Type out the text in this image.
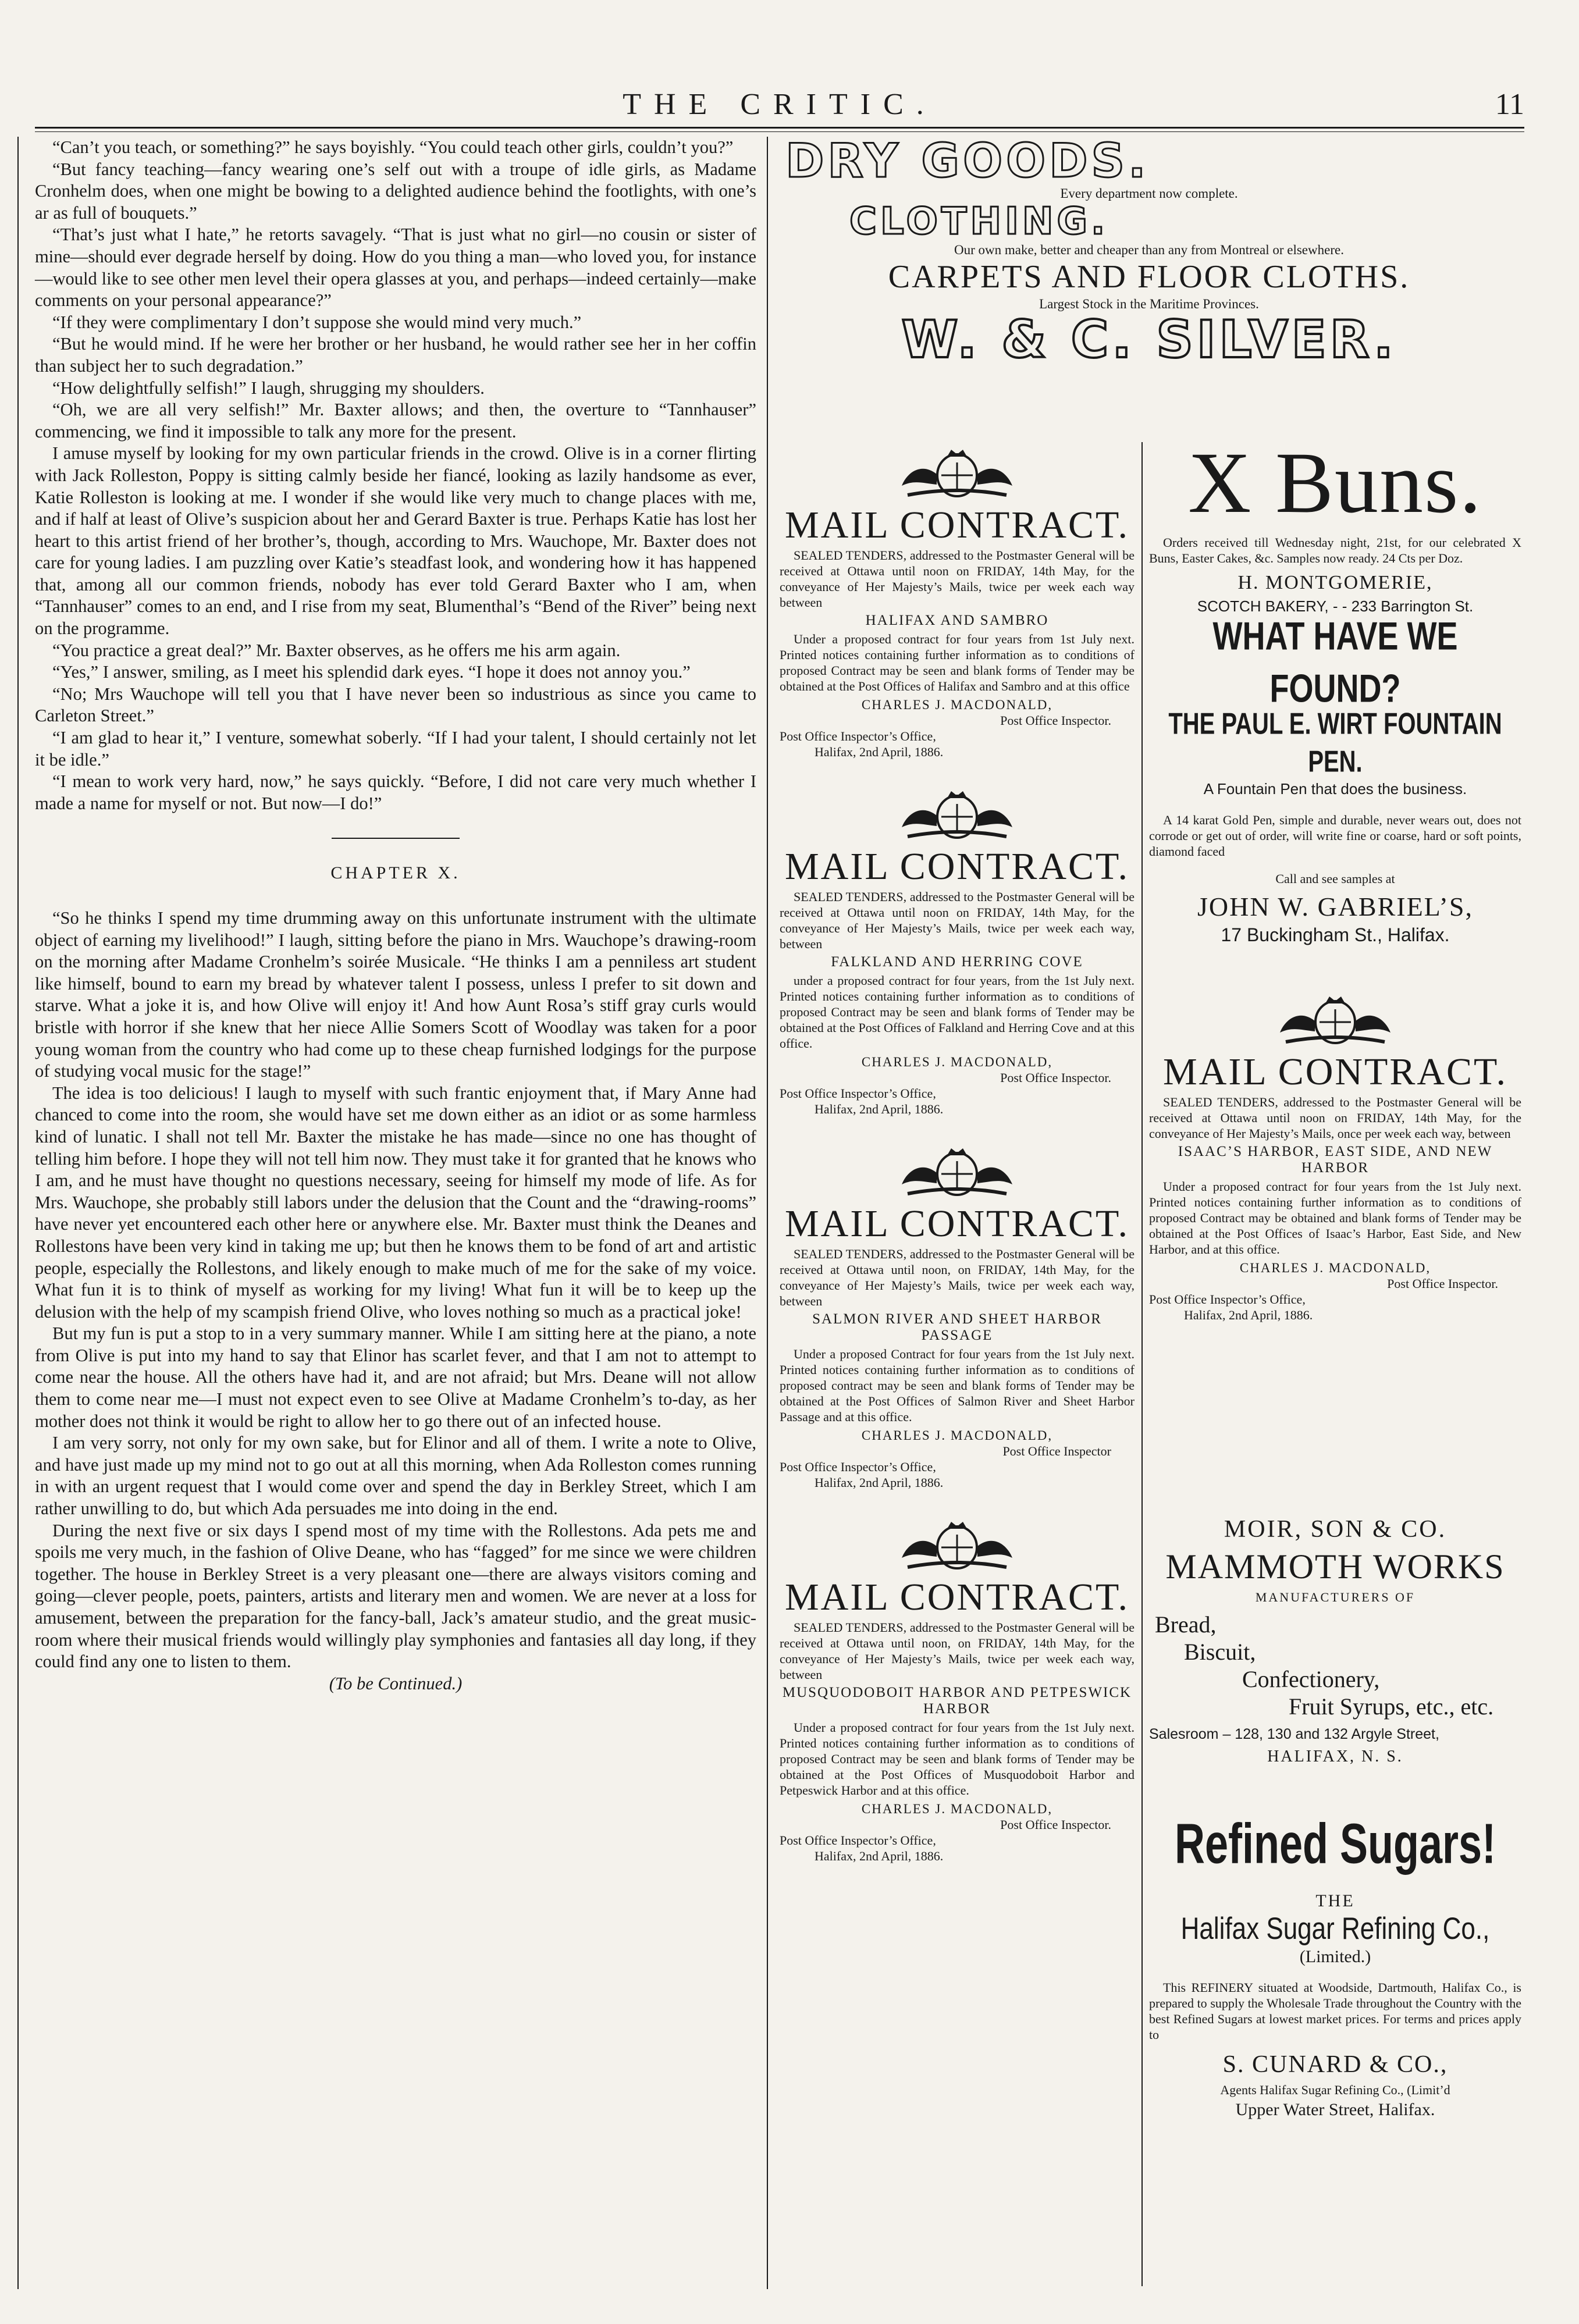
THE CRITIC.	11

“Can’t you teach, or something?” he says boyishly. “You could teach other girls, couldn’t you?”

“But fancy teaching—fancy wearing one’s self out with a troupe of idle girls, as Madame Cronhelm does, when one might be bowing to a delighted audience behind the footlights, with one’s ar as full of bouquets.”

“That’s just what I hate,” he retorts savagely. “That is just what no girl—no cousin or sister of mine—should ever degrade herself by doing. How do you thing a man—who loved you, for instance—would like to see other men level their opera glasses at you, and perhaps—indeed certainly—make comments on your personal appearance?”

“If they were complimentary I don’t suppose she would mind very much.”

“But he would mind. If he were her brother or her husband, he would rather see her in her coffin than subject her to such degradation.”

“How delightfully selfish!” I laugh, shrugging my shoulders.

“Oh, we are all very selfish!” Mr. Baxter allows; and then, the overture to “Tannhauser” commencing, we find it impossible to talk any more for the present.

I amuse myself by looking for my own particular friends in the crowd. Olive is in a corner flirting with Jack Rolleston, Poppy is sitting calmly beside her fiancé, looking as lazily handsome as ever, Katie Rolleston is looking at me. I wonder if she would like very much to change places with me, and if half at least of Olive’s suspicion about her and Gerard Baxter is true. Perhaps Katie has lost her heart to this artist friend of her brother’s, though, according to Mrs. Wauchope, Mr. Baxter does not care for young ladies. I am puzzling over Katie’s steadfast look, and wondering how it has happened that, among all our common friends, nobody has ever told Gerard Baxter who I am, when “Tannhauser” comes to an end, and I rise from my seat, Blumenthal’s “Bend of the River” being next on the programme.

“You practice a great deal?” Mr. Baxter observes, as he offers me his arm again.

“Yes,” I answer, smiling, as I meet his splendid dark eyes. “I hope it does not annoy you.”

“No; Mrs Wauchope will tell you that I have never been so industrious as since you came to Carleton Street.”

“I am glad to hear it,” I venture, somewhat soberly. “If I had your talent, I should certainly not let it be idle.”

“I mean to work very hard, now,” he says quickly. “Before, I did not care very much whether I made a name for myself or not. But now—I do!”

CHAPTER X.

“So he thinks I spend my time drumming away on this unfortunate instrument with the ultimate object of earning my livelihood!” I laugh, sitting before the piano in Mrs. Wauchope’s drawing-room on the morning after Madame Cronhelm’s soirée Musicale. “He thinks I am a penniless art student like himself, bound to earn my bread by whatever talent I possess, unless I prefer to sit down and starve. What a joke it is, and how Olive will enjoy it! And how Aunt Rosa’s stiff gray curls would bristle with horror if she knew that her niece Allie Somers Scott of Woodlay was taken for a poor young woman from the country who had come up to these cheap furnished lodgings for the purpose of studying vocal music for the stage!”

The idea is too delicious! I laugh to myself with such frantic enjoyment that, if Mary Anne had chanced to come into the room, she would have set me down either as an idiot or as some harmless kind of lunatic. I shall not tell Mr. Baxter the mistake he has made—since no one has thought of telling him before. I hope they will not tell him now. They must take it for granted that he knows who I am, and he must have thought no questions necessary, seeing for himself my mode of life. As for Mrs. Wauchope, she probably still labors under the delusion that the Count and the “drawing-rooms” have never yet encountered each other here or anywhere else. Mr. Baxter must think the Deanes and Rollestons have been very kind in taking me up; but then he knows them to be fond of art and artistic people, especially the Rollestons, and likely enough to make much of me for the sake of my voice. What fun it is to think of myself as working for my living! What fun it will be to keep up the delusion with the help of my scampish friend Olive, who loves nothing so much as a practical joke!

But my fun is put a stop to in a very summary manner. While I am sitting here at the piano, a note from Olive is put into my hand to say that Elinor has scarlet fever, and that I am not to attempt to come near the house. All the others have had it, and are not afraid; but Mrs. Deane will not allow them to come near me—I must not expect even to see Olive at Madame Cronhelm’s to-day, as her mother does not think it would be right to allow her to go there out of an infected house.

I am very sorry, not only for my own sake, but for Elinor and all of them. I write a note to Olive, and have just made up my mind not to go out at all this morning, when Ada Rolleston comes running in with an urgent request that I would come over and spend the day in Berkley Street, which I am rather unwilling to do, but which Ada persuades me into doing in the end.

During the next five or six days I spend most of my time with the Rollestons. Ada pets me and spoils me very much, in the fashion of Olive Deane, who has “fagged” for me since we were children together. The house in Berkley Street is a very pleasant one—there are always visitors coming and going—clever people, poets, painters, artists and literary men and women. We are never at a loss for amusement, between the preparation for the fancy-ball, Jack’s amateur studio, and the great music-room where their musical friends would willingly play symphonies and fantasies all day long, if they could find any one to listen to them.

(To be Continued.)

DRY GOODS.
Every department now complete.
CLOTHING.
Our own make, better and cheaper than any from Montreal or elsewhere.
CARPETS AND FLOOR CLOTHS.
Largest Stock in the Maritime Provinces.
W. & C. SILVER.
MAIL CONTRACT.
SEALED TENDERS, addressed to the Postmaster General will be received at Ottawa until noon on FRIDAY, 14th May, for the conveyance of Her Majesty’s Mails, twice per week each way between
HALIFAX AND SAMBRO
Under a proposed contract for four years from 1st July next. Printed notices containing further information as to conditions of proposed Contract may be seen and blank forms of Tender may be obtained at the Post Offices of Halifax and Sambro and at this office
CHARLES J. MACDONALD,
Post Office Inspector.
Post Office Inspector’s Office,
Halifax, 2nd April, 1886.
MAIL CONTRACT.
SEALED TENDERS, addressed to the Postmaster General will be received at Ottawa until noon on FRIDAY, 14th May, for the conveyance of Her Majesty’s Mails, twice per week each way, between
FALKLAND AND HERRING COVE
under a proposed contract for four years, from the 1st July next. Printed notices containing further information as to conditions of proposed Contract may be seen and blank forms of Tender may be obtained at the Post Offices of Falkland and Herring Cove and at this office.
CHARLES J. MACDONALD,
Post Office Inspector.
Post Office Inspector’s Office,
Halifax, 2nd April, 1886.
MAIL CONTRACT.
SEALED TENDERS, addressed to the Postmaster General will be received at Ottawa until noon, on FRIDAY, 14th May, for the conveyance of Her Majesty’s Mails, twice per week each way, between
SALMON RIVER AND SHEET HARBOR PASSAGE
Under a proposed Contract for four years from the 1st July next. Printed notices containing further information as to conditions of proposed contract may be seen and blank forms of Tender may be obtained at the Post Offices of Salmon River and Sheet Harbor Passage and at this office.
CHARLES J. MACDONALD,
Post Office Inspector
Post Office Inspector’s Office,
Halifax, 2nd April, 1886.
MAIL CONTRACT.
SEALED TENDERS, addressed to the Postmaster General will be received at Ottawa until noon, on FRIDAY, 14th May, for the conveyance of Her Majesty’s Mails, twice per week each way, between
MUSQUODOBOIT HARBOR AND PETPESWICK HARBOR
Under a proposed contract for four years from the 1st July next. Printed notices containing further information as to conditions of proposed Contract may be seen and blank forms of Tender may be obtained at the Post Offices of Musquodoboit Harbor and Petpeswick Harbor and at this office.
CHARLES J. MACDONALD,
Post Office Inspector.
Post Office Inspector’s Office,
Halifax, 2nd April, 1886.
X Buns.
Orders received till Wednesday night, 21st, for our celebrated X Buns, Easter Cakes, &c. Samples now ready. 24 Cts per Doz.
H. MONTGOMERIE,
SCOTCH BAKERY, - - 233 Barrington St.
WHAT HAVE WE FOUND?
THE PAUL E. WIRT FOUNTAIN PEN.
A Fountain Pen that does the business.
A 14 karat Gold Pen, simple and durable, never wears out, does not corrode or get out of order, will write fine or coarse, hard or soft points, diamond faced
Call and see samples at
JOHN W. GABRIEL’S,
17 Buckingham St., Halifax.
MAIL CONTRACT.
SEALED TENDERS, addressed to the Postmaster General will be received at Ottawa until noon on FRIDAY, 14th May, for the conveyance of Her Majesty’s Mails, once per week each way, between
ISAAC’S HARBOR, EAST SIDE, AND NEW HARBOR
Under a proposed contract for four years from the 1st July next. Printed notices containing further information as to conditions of proposed Contract may be obtained and blank forms of Tender may be obtained at the Post Offices of Isaac’s Harbor, East Side, and New Harbor, and at this office.
CHARLES J. MACDONALD,
Post Office Inspector.
Post Office Inspector’s Office,
Halifax, 2nd April, 1886.
MOIR, SON & CO.
MAMMOTH WORKS
MANUFACTURERS OF
Bread,
Biscuit,
Confectionery,
Fruit Syrups, etc., etc.
Salesroom – 128, 130 and 132 Argyle Street,
HALIFAX, N. S.
Refined Sugars!
THE
Halifax Sugar Refining Co.,
(Limited.)
This REFINERY situated at Woodside, Dartmouth, Halifax Co., is prepared to supply the Wholesale Trade throughout the Country with the best Refined Sugars at lowest market prices. For terms and prices apply to
S. CUNARD & CO.,
Agents Halifax Sugar Refining Co., (Limit’d
Upper Water Street, Halifax.
